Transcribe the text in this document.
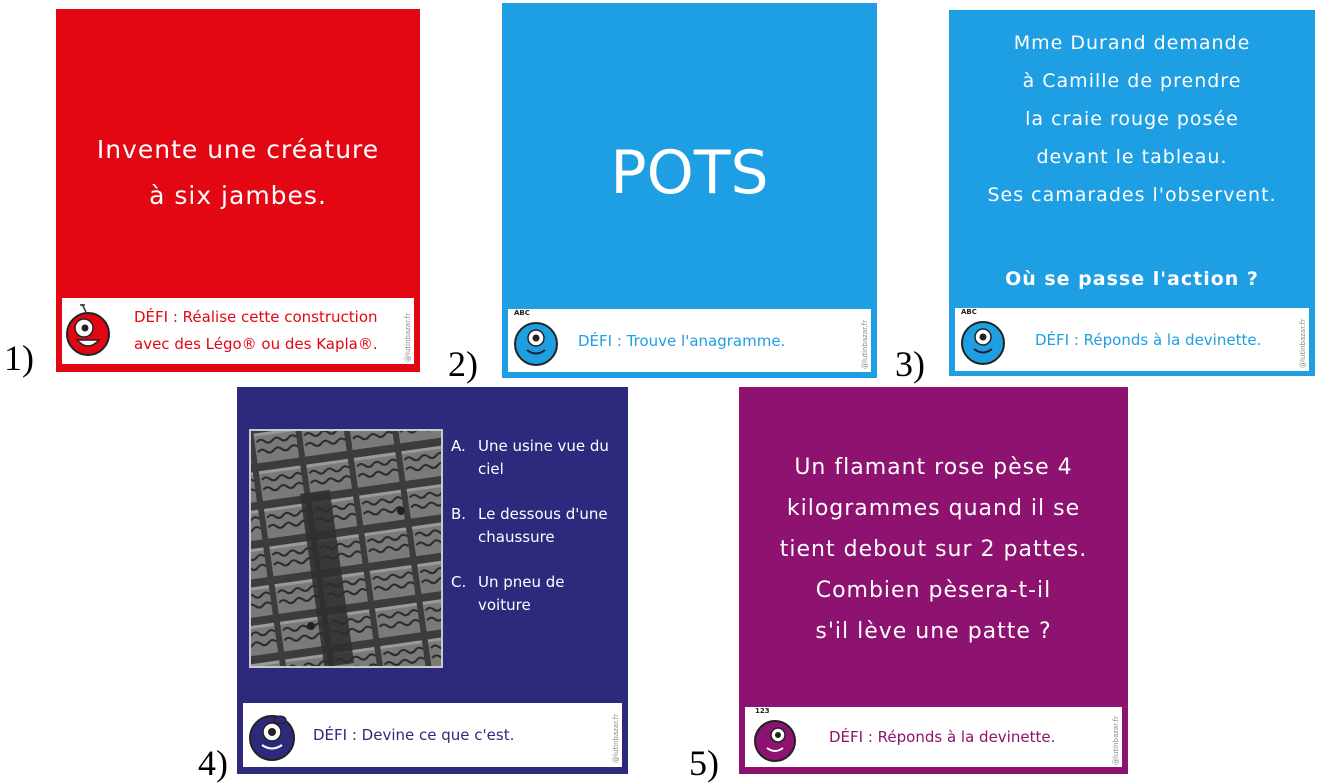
1)
Invente une créature
à six jambes.
DÉFI : Réalise cette construction
avec des Légo® ou des Kapla®.	@lutinbazar.fr
2)
POTS
ABC
DÉFI : Trouve l'anagramme.	@lutinbazar.fr 3)
Mme Durand demande
à Camille de prendre
la craie rouge posée
devant le tableau.
Ses camarades l'observent.
Où se passe l'action ?
ABC
DÉFI : Réponds à la devinette.	@lutinbazar.fr
4)
A. Une usine vue du
ciel
B. Le dessous d'une
chaussure
C. Un pneu de
voiture
DÉFI : Devine ce que c'est.	@lutinbazar.fr 5)
Un flamant rose pèse 4
kilogrammes quand il se
tient debout sur 2 pattes.
Combien pèsera-t-il
s'il lève une patte ?
123
DÉFI : Réponds à la devinette.	@lutinbazar.fr
